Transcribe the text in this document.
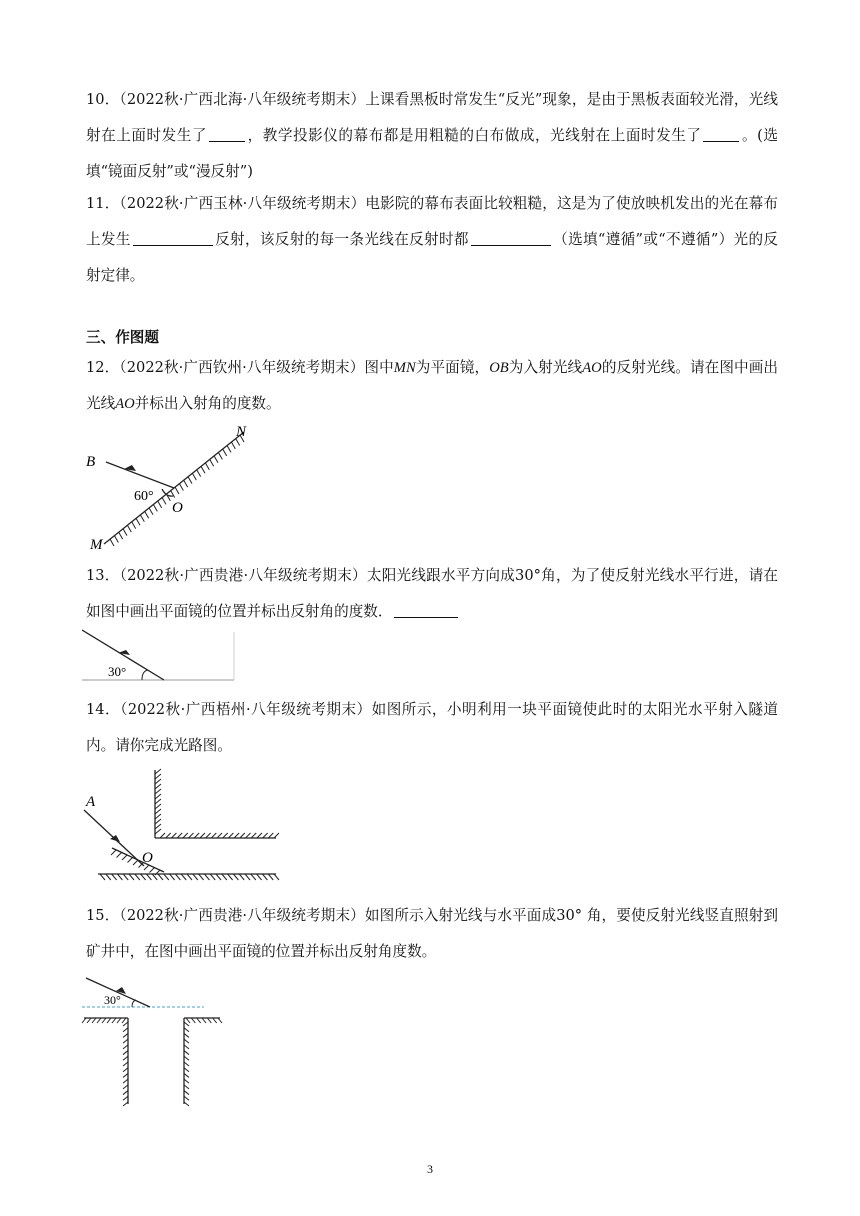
10．（2022秋·广西北海·八年级统考期末）上课看黑板时常发生“反光”现象，是由于黑板表面较光滑，光线射在上面时发生了	，教学投影仪的幕布都是用粗糙的白布做成，光线射在上面时发生了	。(选填“镜面反射”或“漫反射”)

11．（2022秋·广西玉林·八年级统考期末）电影院的幕布表面比较粗糙，这是为了使放映机发出的光在幕布上发生	反射，该反射的每一条光线在反射时都	（选填“遵循”或“不遵循”）光的反射定律。

三、作图题

12．（2022秋·广西钦州·八年级统考期末）图中MN为平面镜，OB为入射光线AO的反射光线。请在图中画出光线AO并标出入射角的度数。

B
N
M
O
60°

13．（2022秋·广西贵港·八年级统考期末）太阳光线跟水平方向成30°角，为了使反射光线水平行进，请在如图中画出平面镜的位置并标出反射角的度数．

30°

14．（2022秋·广西梧州·八年级统考期末）如图所示，小明利用一块平面镜使此时的太阳光水平射入隧道内。请你完成光路图。

A
O

15．（2022秋·广西贵港·八年级统考期末）如图所示入射光线与水平面成30° 角，要使反射光线竖直照射到矿井中，在图中画出平面镜的位置并标出反射角度数。

30°
3
